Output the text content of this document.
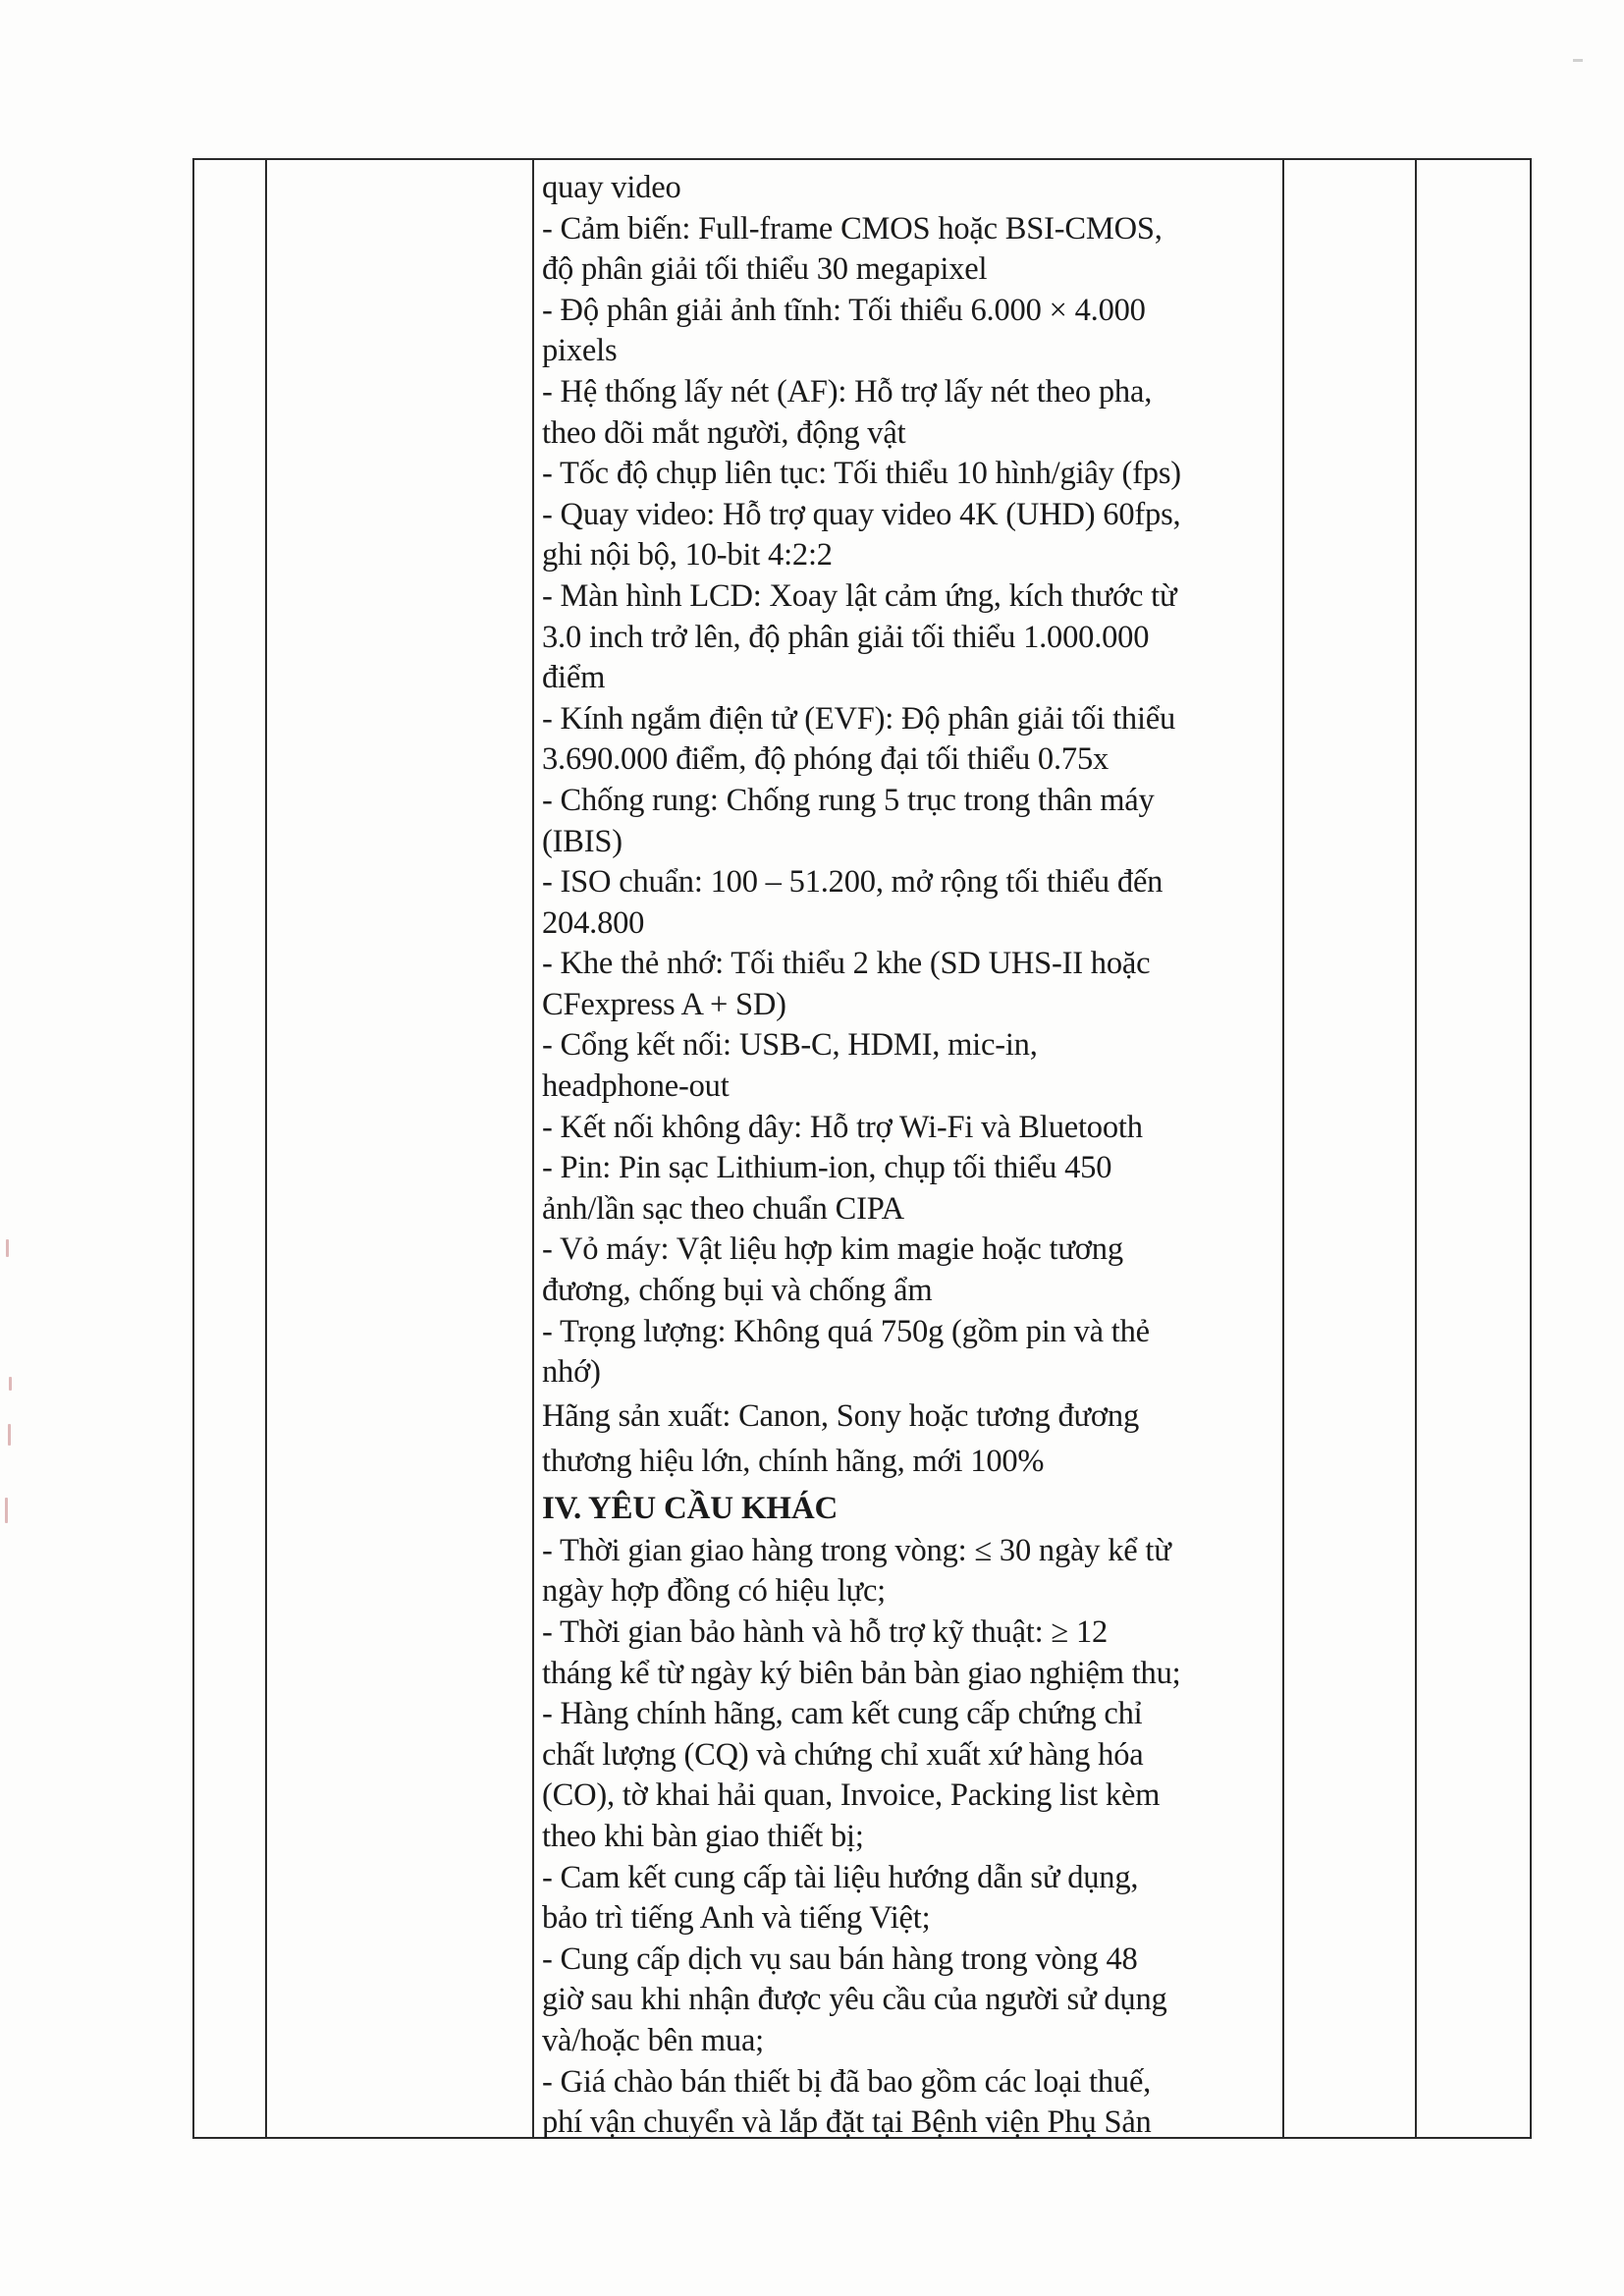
quay video
- Cảm biến: Full-frame CMOS hoặc BSI-CMOS,
độ phân giải tối thiểu 30 megapixel
- Độ phân giải ảnh tĩnh: Tối thiểu 6.000 × 4.000
pixels
- Hệ thống lấy nét (AF): Hỗ trợ lấy nét theo pha,
theo dõi mắt người, động vật
- Tốc độ chụp liên tục: Tối thiểu 10 hình/giây (fps)
- Quay video: Hỗ trợ quay video 4K (UHD) 60fps,
ghi nội bộ, 10-bit 4:2:2
- Màn hình LCD: Xoay lật cảm ứng, kích thước từ
3.0 inch trở lên, độ phân giải tối thiểu 1.000.000
điểm
- Kính ngắm điện tử (EVF): Độ phân giải tối thiểu
3.690.000 điểm, độ phóng đại tối thiểu 0.75x
- Chống rung: Chống rung 5 trục trong thân máy
(IBIS)
- ISO chuẩn: 100 – 51.200, mở rộng tối thiểu đến
204.800
- Khe thẻ nhớ: Tối thiểu 2 khe (SD UHS-II hoặc
CFexpress A + SD)
- Cổng kết nối: USB-C, HDMI, mic-in,
headphone-out
- Kết nối không dây: Hỗ trợ Wi-Fi và Bluetooth
- Pin: Pin sạc Lithium-ion, chụp tối thiểu 450
ảnh/lần sạc theo chuẩn CIPA
- Vỏ máy: Vật liệu hợp kim magie hoặc tương
đương, chống bụi và chống ẩm
- Trọng lượng: Không quá 750g (gồm pin và thẻ
nhớ)
Hãng sản xuất: Canon, Sony hoặc tương đương
thương hiệu lớn, chính hãng, mới 100%
IV. YÊU CẦU KHÁC
- Thời gian giao hàng trong vòng: ≤ 30 ngày kể từ
ngày hợp đồng có hiệu lực;
- Thời gian bảo hành và hỗ trợ kỹ thuật: ≥ 12
tháng kể từ ngày ký biên bản bàn giao nghiệm thu;
- Hàng chính hãng, cam kết cung cấp chứng chỉ
chất lượng (CQ) và chứng chỉ xuất xứ hàng hóa
(CO), tờ khai hải quan, Invoice, Packing list kèm
theo khi bàn giao thiết bị;
- Cam kết cung cấp tài liệu hướng dẫn sử dụng,
bảo trì tiếng Anh và tiếng Việt;
- Cung cấp dịch vụ sau bán hàng trong vòng 48
giờ sau khi nhận được yêu cầu của người sử dụng
và/hoặc bên mua;
- Giá chào bán thiết bị đã bao gồm các loại thuế,
phí vận chuyển và lắp đặt tại Bệnh viện Phụ Sản
